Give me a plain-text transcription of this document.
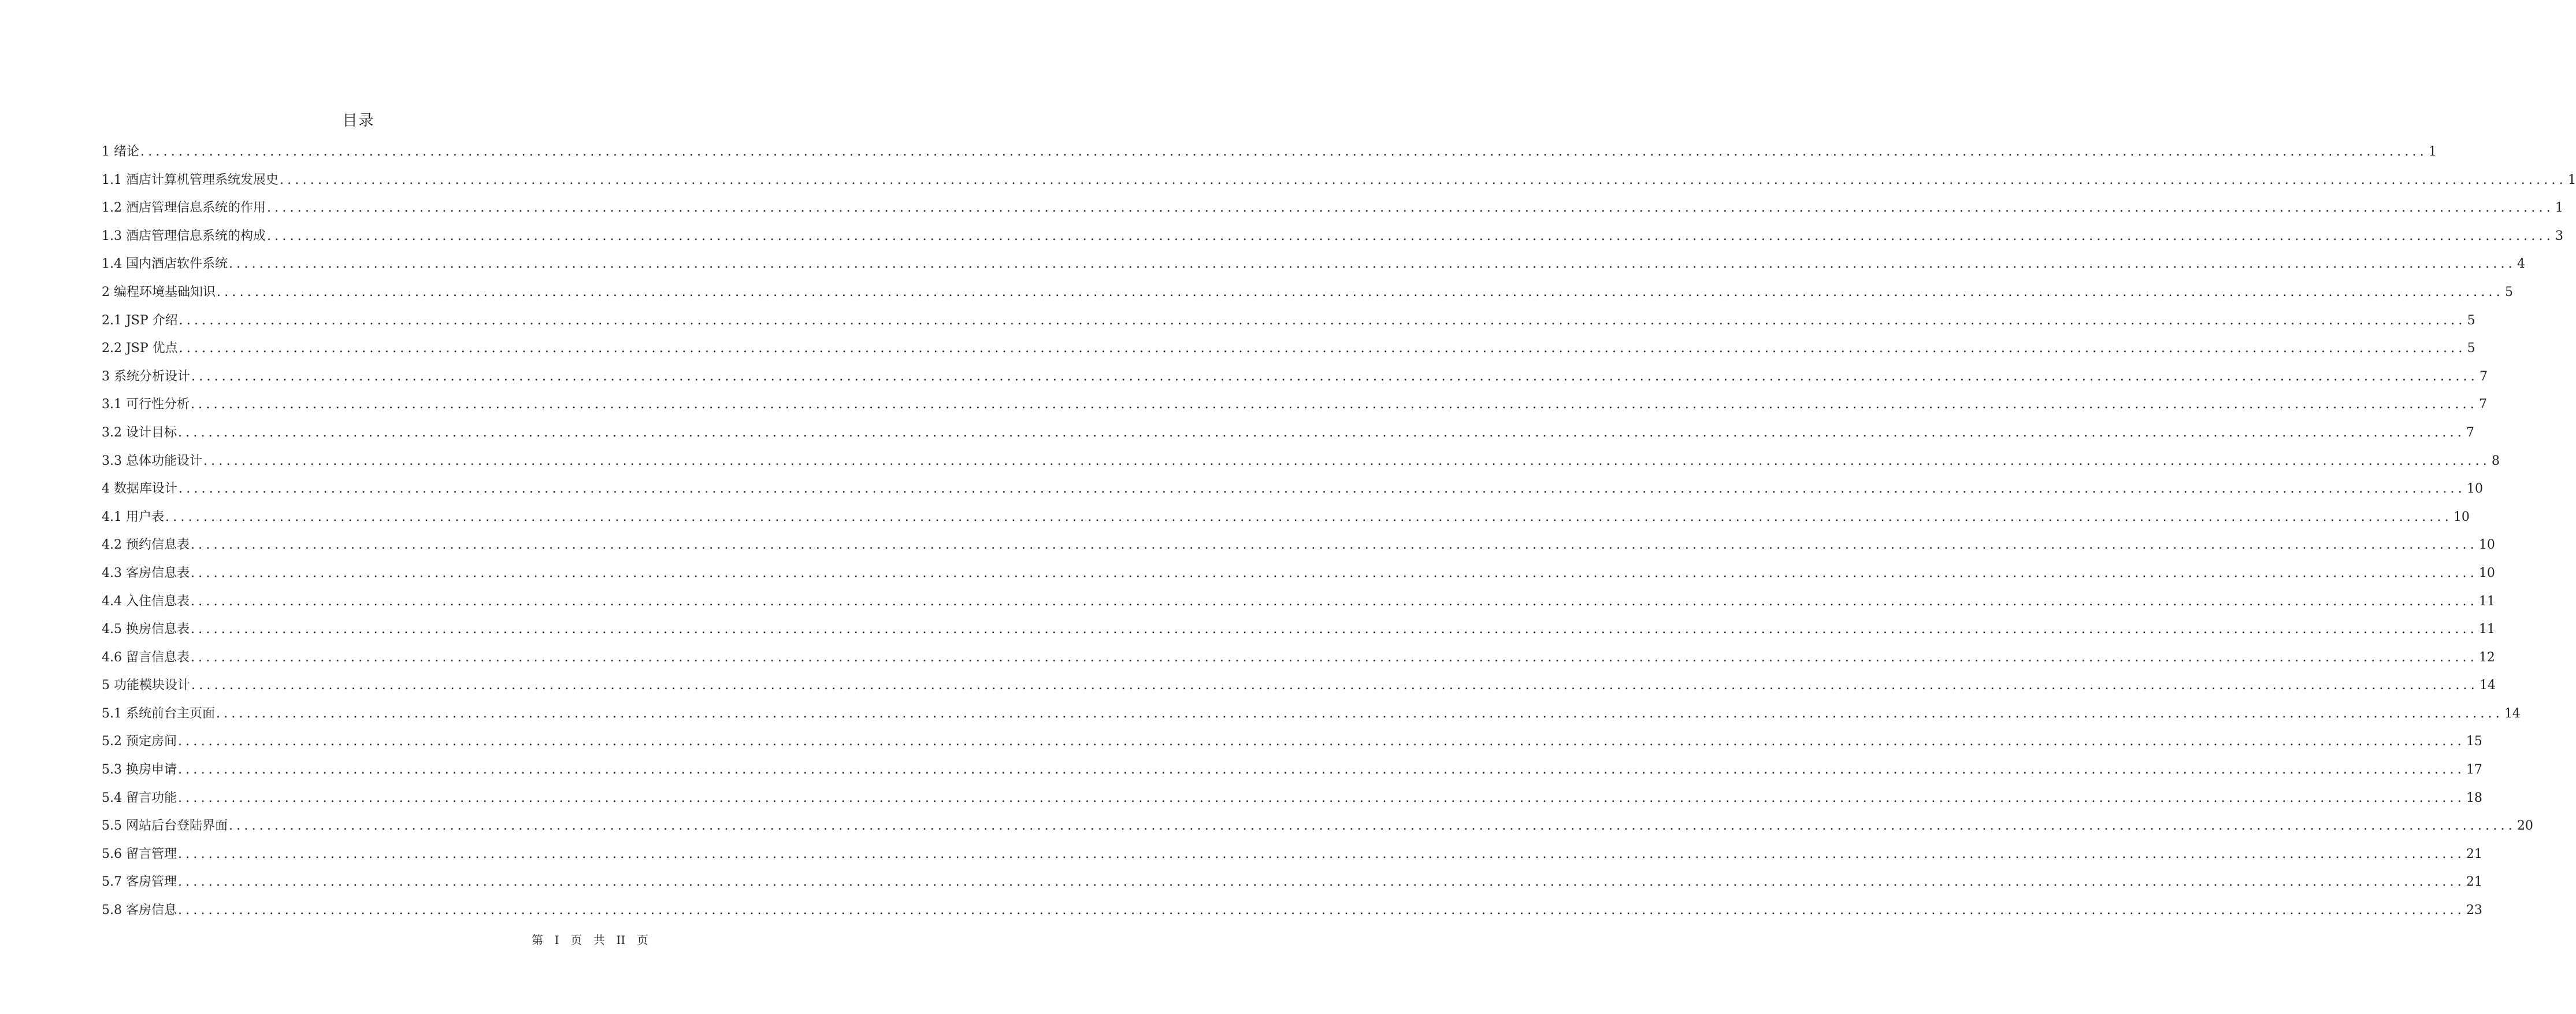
目录
1 绪论 ............................................................................................................................................................................................................................................................................................................ 1
1.1 酒店计算机管理系统发展史 ............................................................................................................................................................................................................................................................................................................ 1
1.2 酒店管理信息系统的作用 ............................................................................................................................................................................................................................................................................................................ 1
1.3 酒店管理信息系统的构成 ............................................................................................................................................................................................................................................................................................................ 3
1.4 国内酒店软件系统 ............................................................................................................................................................................................................................................................................................................ 4
2 编程环境基础知识 ............................................................................................................................................................................................................................................................................................................ 5
2.1 JSP 介绍 ............................................................................................................................................................................................................................................................................................................ 5
2.2 JSP 优点 ............................................................................................................................................................................................................................................................................................................ 5
3 系统分析设计 ............................................................................................................................................................................................................................................................................................................ 7
3.1 可行性分析 ............................................................................................................................................................................................................................................................................................................ 7
3.2 设计目标 ............................................................................................................................................................................................................................................................................................................ 7
3.3 总体功能设计 ............................................................................................................................................................................................................................................................................................................ 8
4 数据库设计 ............................................................................................................................................................................................................................................................................................................ 10
4.1 用户表 ............................................................................................................................................................................................................................................................................................................ 10
4.2 预约信息表 ............................................................................................................................................................................................................................................................................................................ 10
4.3 客房信息表 ............................................................................................................................................................................................................................................................................................................ 10
4.4 入住信息表 ............................................................................................................................................................................................................................................................................................................ 11
4.5 换房信息表 ............................................................................................................................................................................................................................................................................................................ 11
4.6 留言信息表 ............................................................................................................................................................................................................................................................................................................ 12
5 功能模块设计 ............................................................................................................................................................................................................................................................................................................ 14
5.1 系统前台主页面 ............................................................................................................................................................................................................................................................................................................ 14
5.2 预定房间 ............................................................................................................................................................................................................................................................................................................ 15
5.3 换房申请 ............................................................................................................................................................................................................................................................................................................ 17
5.4 留言功能 ............................................................................................................................................................................................................................................................................................................ 18
5.5 网站后台登陆界面 ............................................................................................................................................................................................................................................................................................................ 20
5.6 留言管理 ............................................................................................................................................................................................................................................................................................................ 21
5.7 客房管理 ............................................................................................................................................................................................................................................................................................................ 21
5.8 客房信息 ............................................................................................................................................................................................................................................................................................................ 23
第 I 页 共 II 页
